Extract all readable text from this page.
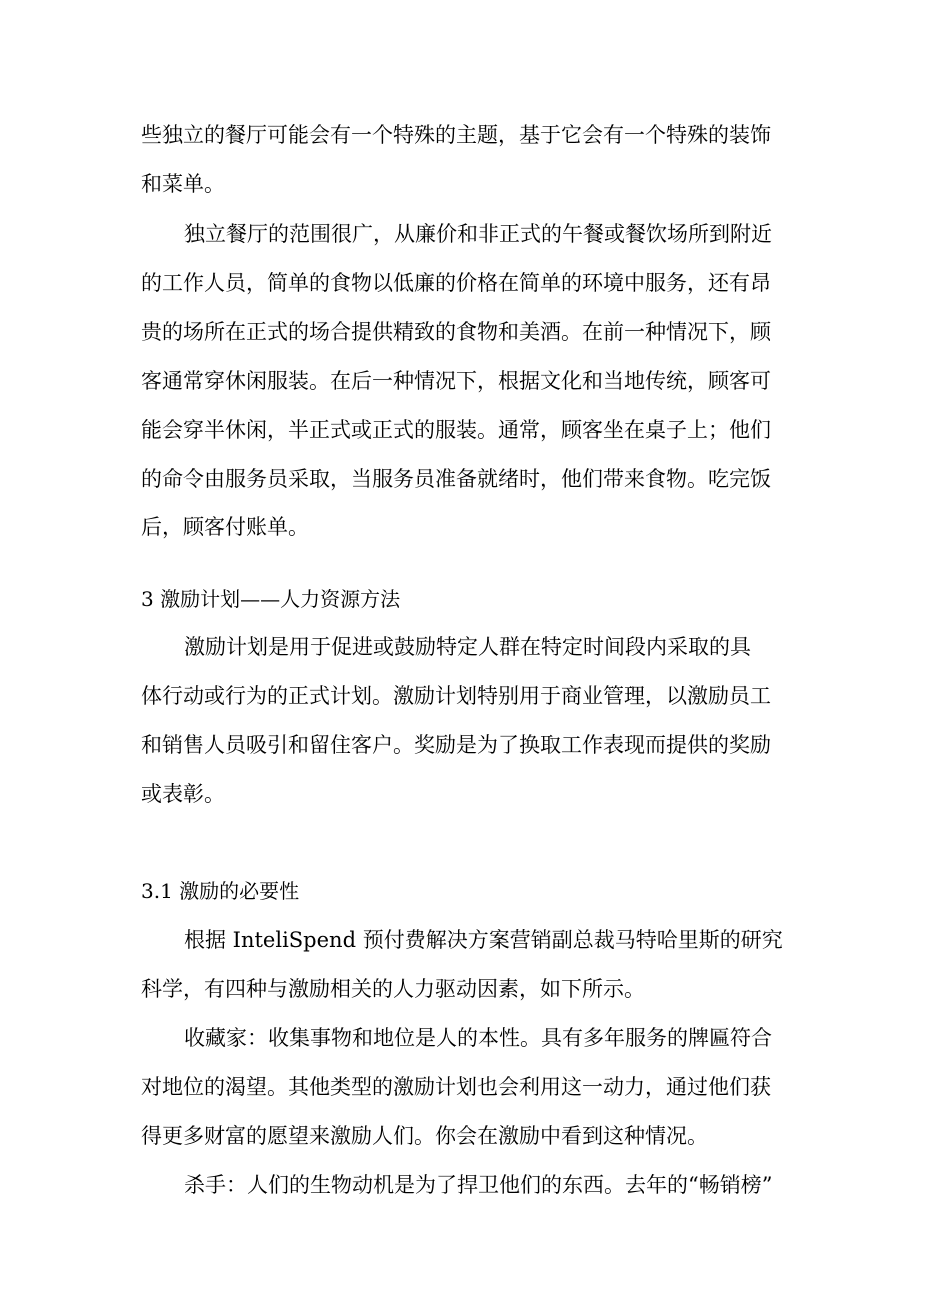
些独立的餐厅可能会有一个特殊的主题，基于它会有一个特殊的装饰
和菜单。
独立餐厅的范围很广，从廉价和非正式的午餐或餐饮场所到附近
的工作人员，简单的食物以低廉的价格在简单的环境中服务，还有昂
贵的场所在正式的场合提供精致的食物和美酒。在前一种情况下，顾
客通常穿休闲服装。在后一种情况下，根据文化和当地传统，顾客可
能会穿半休闲，半正式或正式的服装。通常，顾客坐在桌子上；他们
的命令由服务员采取，当服务员准备就绪时，他们带来食物。吃完饭
后，顾客付账单。
3 激励计划——人力资源方法
激励计划是用于促进或鼓励特定人群在特定时间段内采取的具
体行动或行为的正式计划。激励计划特别用于商业管理，以激励员工
和销售人员吸引和留住客户。奖励是为了换取工作表现而提供的奖励
或表彰。
3.1 激励的必要性
根据 InteliSpend 预付费解决方案营销副总裁马特哈里斯的研究
科学，有四种与激励相关的人力驱动因素，如下所示。
收藏家：收集事物和地位是人的本性。具有多年服务的牌匾符合
对地位的渴望。其他类型的激励计划也会利用这一动力，通过他们获
得更多财富的愿望来激励人们。你会在激励中看到这种情况。
杀手：人们的生物动机是为了捍卫他们的东西。去年的“畅销榜”
